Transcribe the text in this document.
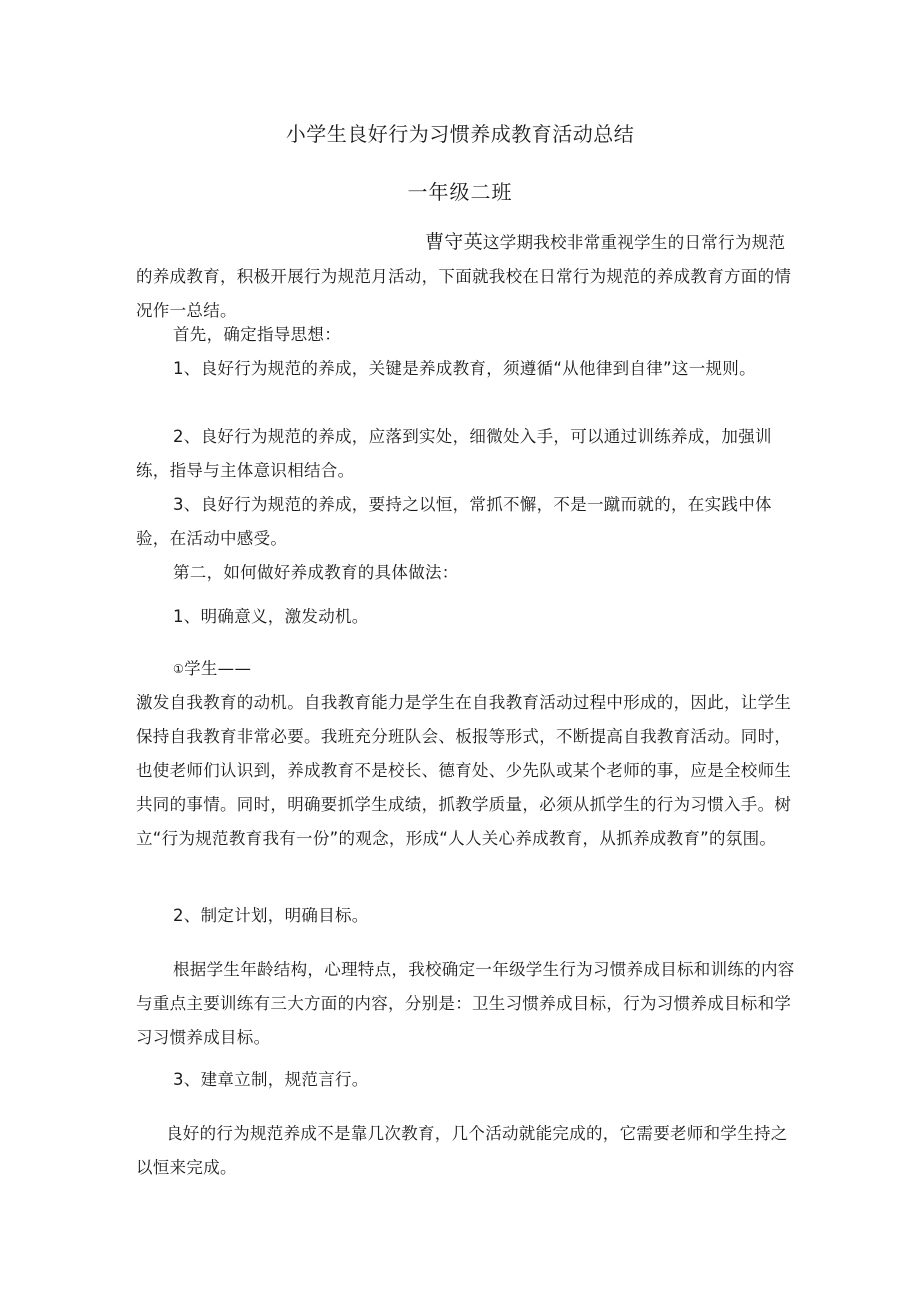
小学生良好行为习惯养成教育活动总结
一年级二班
曹守英这学期我校非常重视学生的日常行为规范的养成教育，积极开展行为规范月活动，下面就我校在日常行为规范的养成教育方面的情况作一总结。
首先，确定指导思想：
1、良好行为规范的养成，关键是养成教育，须遵循“从他律到自律”这一规则。
2、良好行为规范的养成，应落到实处，细微处入手，可以通过训练养成，加强训练，指导与主体意识相结合。
3、良好行为规范的养成，要持之以恒，常抓不懈，不是一蹴而就的，在实践中体验，在活动中感受。
第二，如何做好养成教育的具体做法：
1、明确意义，激发动机。
①学生——
激发自我教育的动机。自我教育能力是学生在自我教育活动过程中形成的，因此，让学生保持自我教育非常必要。我班充分班队会、板报等形式，不断提高自我教育活动。同时，也使老师们认识到，养成教育不是校长、德育处、少先队或某个老师的事，应是全校师生共同的事情。同时，明确要抓学生成绩，抓教学质量，必须从抓学生的行为习惯入手。树立“行为规范教育我有一份”的观念，形成“人人关心养成教育，从抓养成教育”的氛围。
2、制定计划，明确目标。
根据学生年龄结构，心理特点，我校确定一年级学生行为习惯养成目标和训练的内容与重点主要训练有三大方面的内容，分别是：卫生习惯养成目标，行为习惯养成目标和学习习惯养成目标。
3、建章立制，规范言行。
良好的行为规范养成不是靠几次教育，几个活动就能完成的，它需要老师和学生持之以恒来完成。
